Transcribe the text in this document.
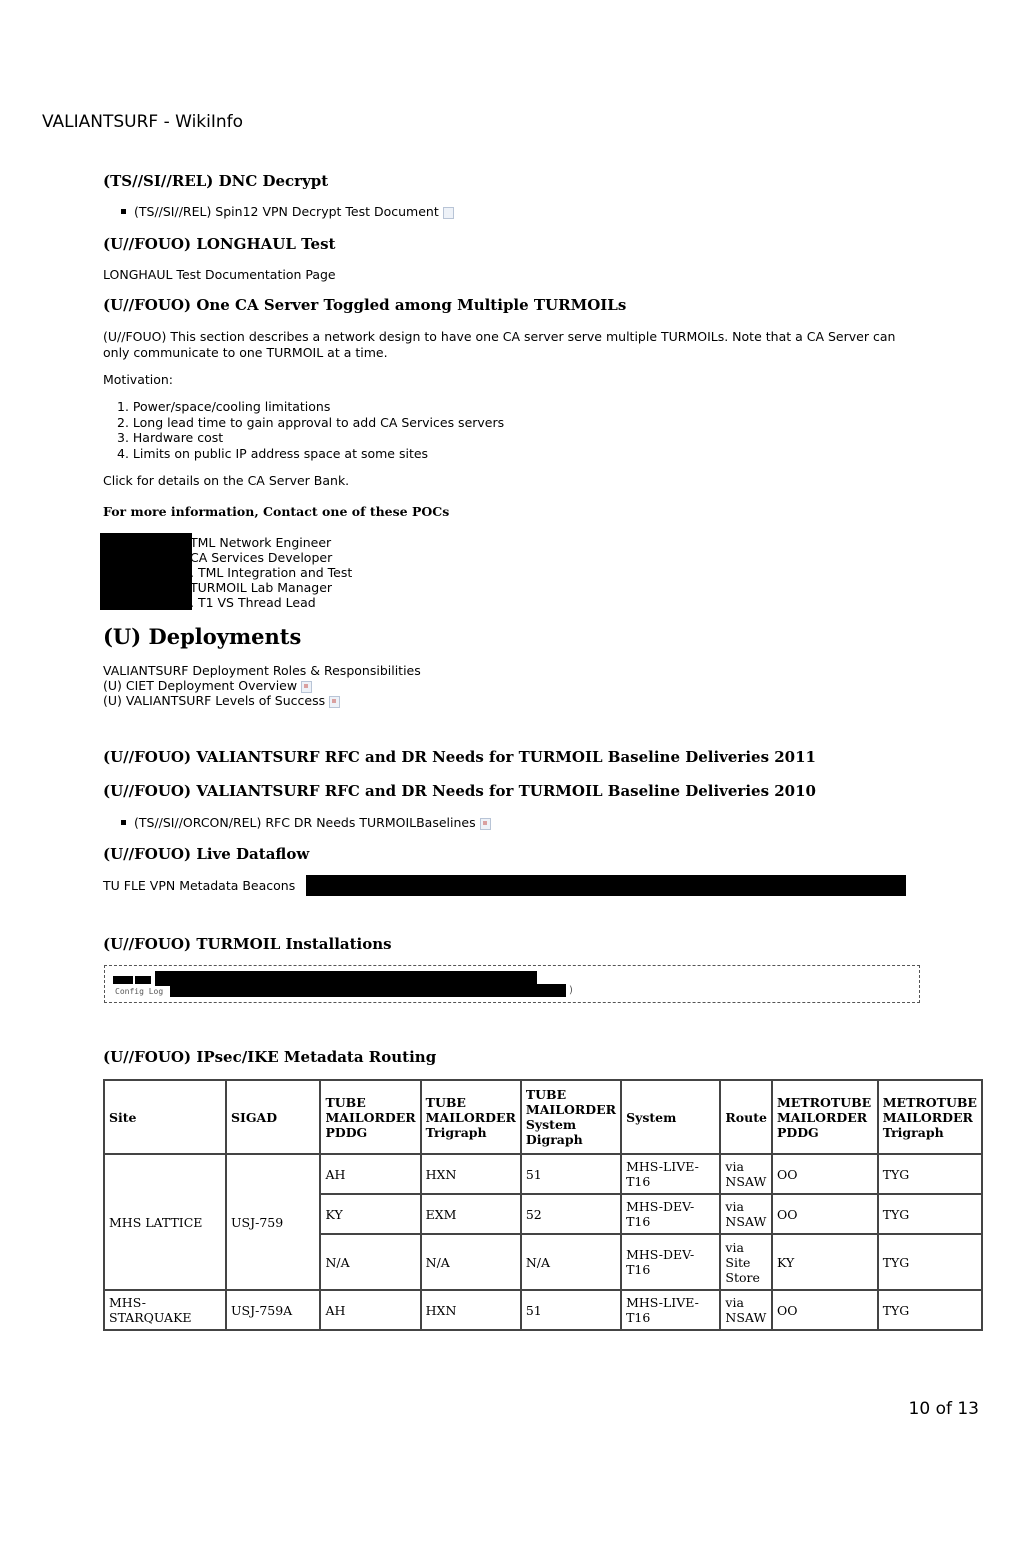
VALIANTSURF - WikiInfo
(TS//SI//REL) DNC Decrypt
(TS//SI//REL) Spin12 VPN Decrypt Test Document
(U//FOUO) LONGHAUL Test
LONGHAUL Test Documentation Page
(U//FOUO) One CA Server Toggled among Multiple TURMOILs
(U//FOUO) This section describes a network design to have one CA server serve multiple TURMOILs. Note that a CA Server can
only communicate to one TURMOIL at a time.
Motivation:
1. Power/space/cooling limitations
2. Long lead time to gain approval to add CA Services servers
3. Hardware cost
4. Limits on public IP address space at some sites
Click for details on the CA Server Bank.
For more information, Contact one of these POCs
TML Network Engineer
CA Services Developer
. TML Integration and Test
TURMOIL Lab Manager
. T1 VS Thread Lead
(U) Deployments
VALIANTSURF Deployment Roles & Responsibilities
(U) CIET Deployment Overview
(U) VALIANTSURF Levels of Success
(U//FOUO) VALIANTSURF RFC and DR Needs for TURMOIL Baseline Deliveries 2011
(U//FOUO) VALIANTSURF RFC and DR Needs for TURMOIL Baseline Deliveries 2010
(TS//SI//ORCON/REL) RFC DR Needs TURMOILBaselines
(U//FOUO) Live Dataflow
TU FLE VPN Metadata Beacons
(U//FOUO) TURMOIL Installations
Config Log	)
(U//FOUO) IPsec/IKE Metadata Routing
Site	SIGAD	TUBE MAILORDER PDDG	TUBE MAILORDER Trigraph	TUBE MAILORDER System Digraph	System	Route	METROTUBE MAILORDER PDDG	METROTUBE MAILORDER Trigraph
MHS LATTICE	USJ-759	AH	HXN	51	MHS-LIVE-T16	via NSAW	OO	TYG
		KY	EXM	52	MHS-DEV-T16	via NSAW	OO	TYG
		N/A	N/A	N/A	MHS-DEV-T16	via Site Store	KY	TYG
MHS-STARQUAKE	USJ-759A	AH	HXN	51	MHS-LIVE-T16	via NSAW	OO	TYG
10 of 13
